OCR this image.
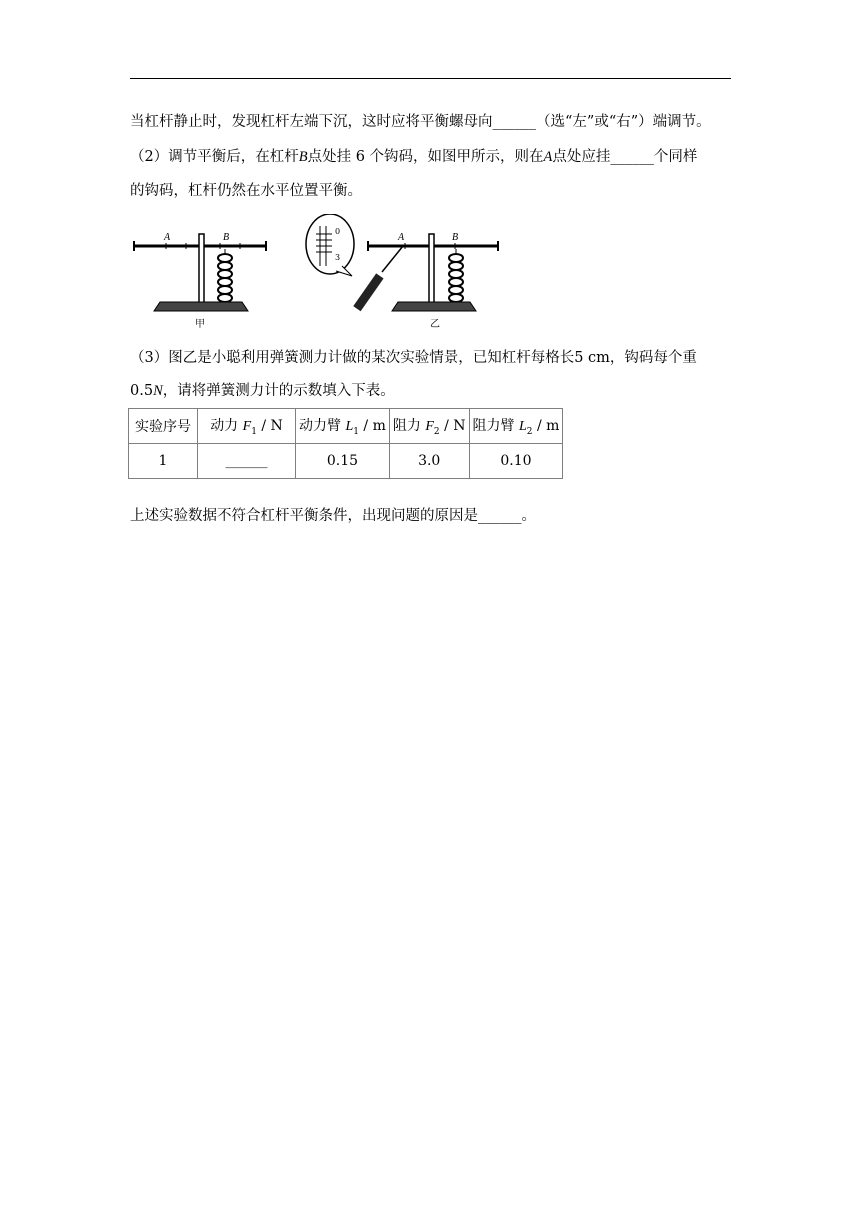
当杠杆静止时，发现杠杆左端下沉，这时应将平衡螺母向______（选“左”或“右”）端调节。
（2）调节平衡后，在杠杆B点处挂 6 个钩码，如图甲所示，则在A点处应挂______个同样
的钩码，杠杆仍然在水平位置平衡。
A	B
甲
0
3
A	B
乙
（3）图乙是小聪利用弹簧测力计做的某次实验情景，已知杠杆每格长5 cm，钩码每个重
0.5N，请将弹簧测力计的示数填入下表。
实验序号	动力 $F_1$ / N	动力臂 $L_1$ / m	阻力 $F_2$ / N	阻力臂 $L_2$ / m
1	______	0.15	3.0	0.10
上述实验数据不符合杠杆平衡条件，出现问题的原因是______。
